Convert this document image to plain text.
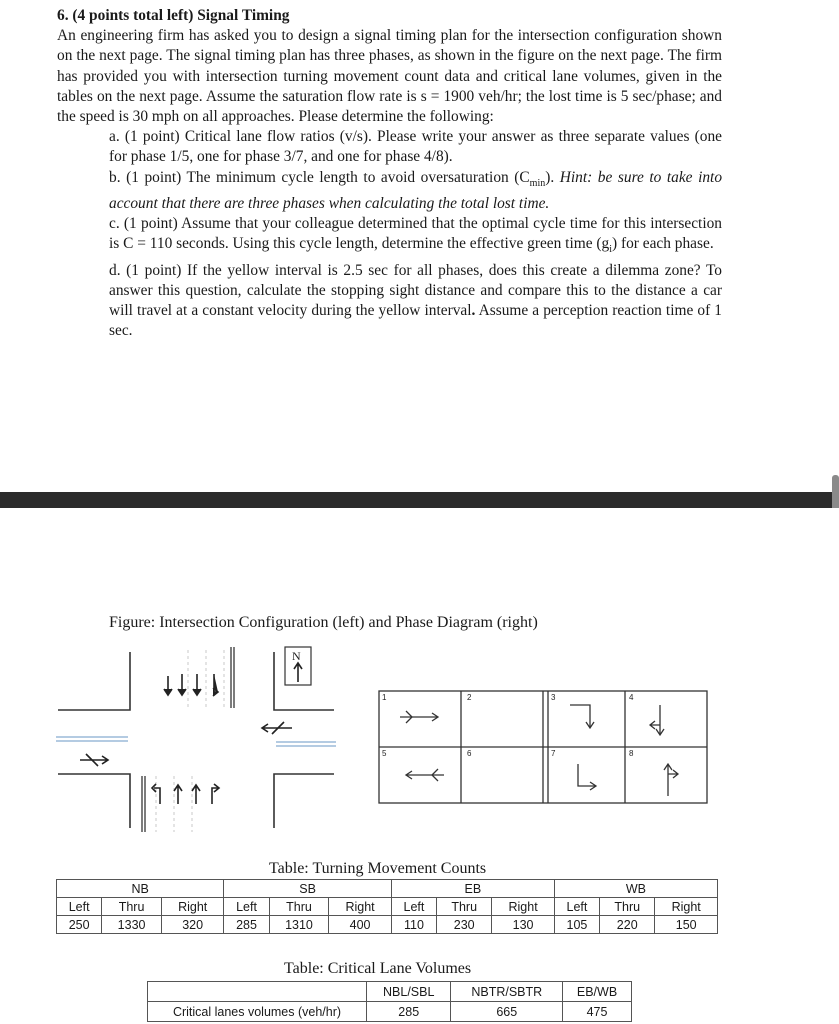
6. (4 points total left) Signal Timing

An engineering firm has asked you to design a signal timing plan for the intersection configuration shown on the next page. The signal timing plan has three phases, as shown in the figure on the next page. The firm has provided you with intersection turning movement count data and critical lane volumes, given in the tables on the next page. Assume the saturation flow rate is s = 1900 veh/hr; the lost time is 5 sec/phase; and the speed is 30 mph on all approaches. Please determine the following:

a. (1 point) Critical lane flow ratios (v/s). Please write your answer as three separate values (one for phase 1/5, one for phase 3/7, and one for phase 4/8).

b. (1 point) The minimum cycle length to avoid oversaturation $(C_{min})$. Hint: be sure to take into account that there are three phases when calculating the total lost time.

c. (1 point) Assume that your colleague determined that the optimal cycle time for this intersection is C = 110 seconds. Using this cycle length, determine the effective green time $(g_i)$ for each phase.

d. (1 point) If the yellow interval is 2.5 sec for all phases, does this create a dilemma zone? To answer this question, calculate the stopping sight distance and compare this to the distance a car will travel at a constant velocity during the yellow interval. Assume a perception reaction time of 1 sec.

Figure: Intersection Configuration (left) and Phase Diagram (right)
N
1	2	3	4
5	6	7	8
Table: Turning Movement Counts
NB			SB			EB			WB		
Left	Thru	Right	Left	Thru	Right	Left	Thru	Right	Left	Thru	Right
250	1330	320	285	1310	400	110	230	130	105	220	150
Table: Critical Lane Volumes
	NBL/SBL	NBTR/SBTR	EB/WB
Critical lanes volumes (veh/hr)	285	665	475
